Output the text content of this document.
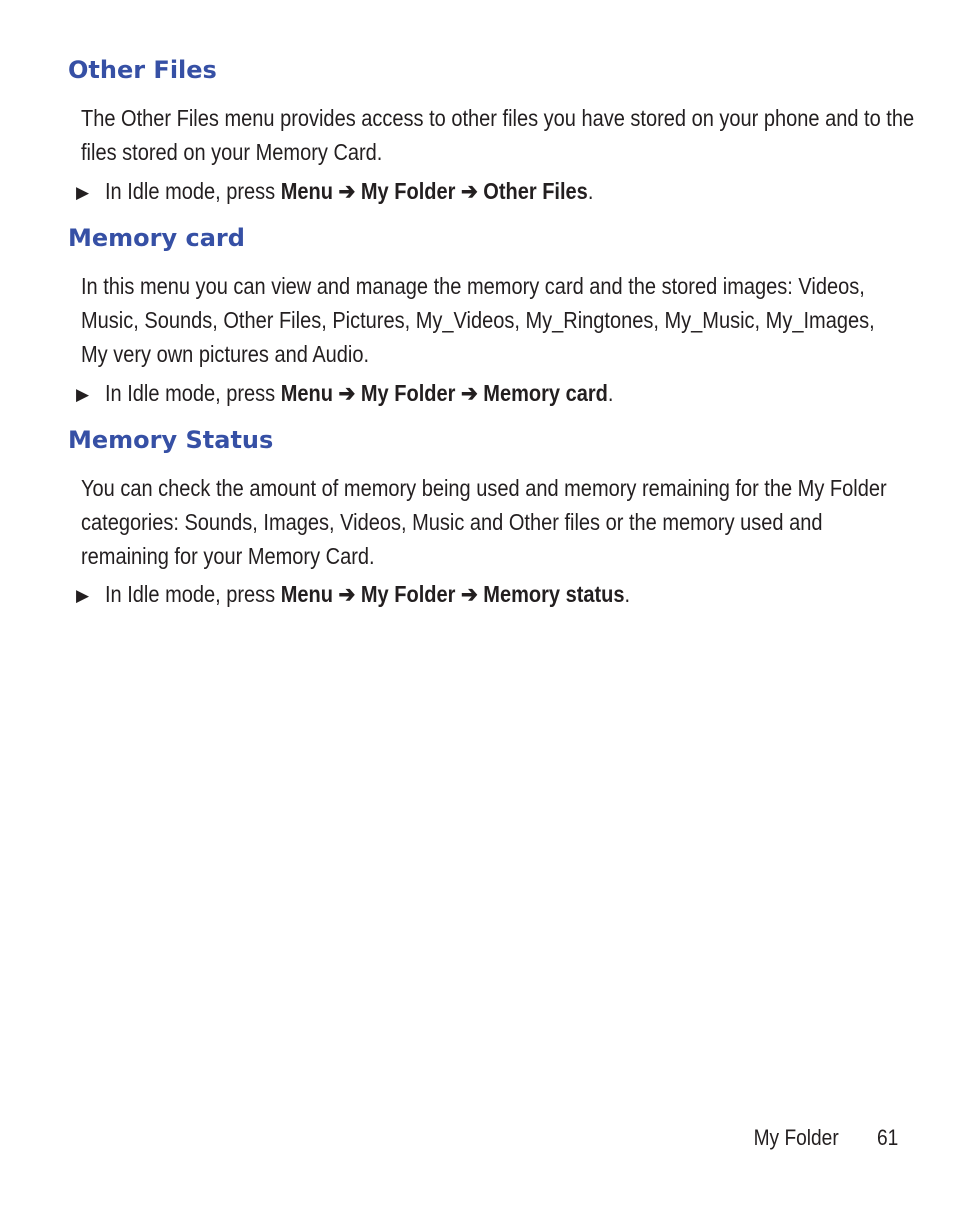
Other Files

The Other Files menu provides access to other files you have stored on your phone and to the files stored on your Memory Card.

▶ In Idle mode, press Menu ➔ My Folder ➔ Other Files.

Memory card

In this menu you can view and manage the memory card and the stored images: Videos, Music, Sounds, Other Files, Pictures, My_Videos, My_Ringtones, My_Music, My_Images, My very own pictures and Audio.

▶ In Idle mode, press Menu ➔ My Folder ➔ Memory card.

Memory Status

You can check the amount of memory being used and memory remaining for the My Folder categories: Sounds, Images, Videos, Music and Other files or the memory used and remaining for your Memory Card.

▶ In Idle mode, press Menu ➔ My Folder ➔ Memory status.

My Folder 61
